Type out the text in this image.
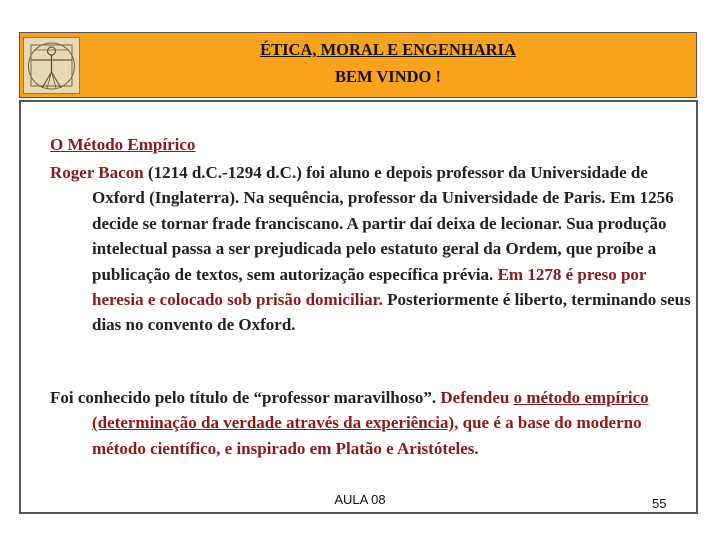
ÉTICA, MORAL E ENGENHARIA
BEM VINDO !
O Método Empírico
Roger Bacon (1214 d.C.-1294 d.C.) foi aluno e depois professor da Universidade de Oxford (Inglaterra). Na sequência, professor da Universidade de Paris. Em 1256 decide se tornar frade franciscano. A partir daí deixa de lecionar. Sua produção intelectual passa a ser prejudicada pelo estatuto geral da Ordem, que proíbe a publicação de textos, sem autorização específica prévia. Em 1278 é preso por heresia e colocado sob prisão domiciliar. Posteriormente é liberto, terminando seus dias no convento de Oxford.
Foi conhecido pelo título de “professor maravilhoso”. Defendeu o método empírico (determinação da verdade através da experiência), que é a base do moderno método científico, e inspirado em Platão e Aristóteles.
AULA 08	55
